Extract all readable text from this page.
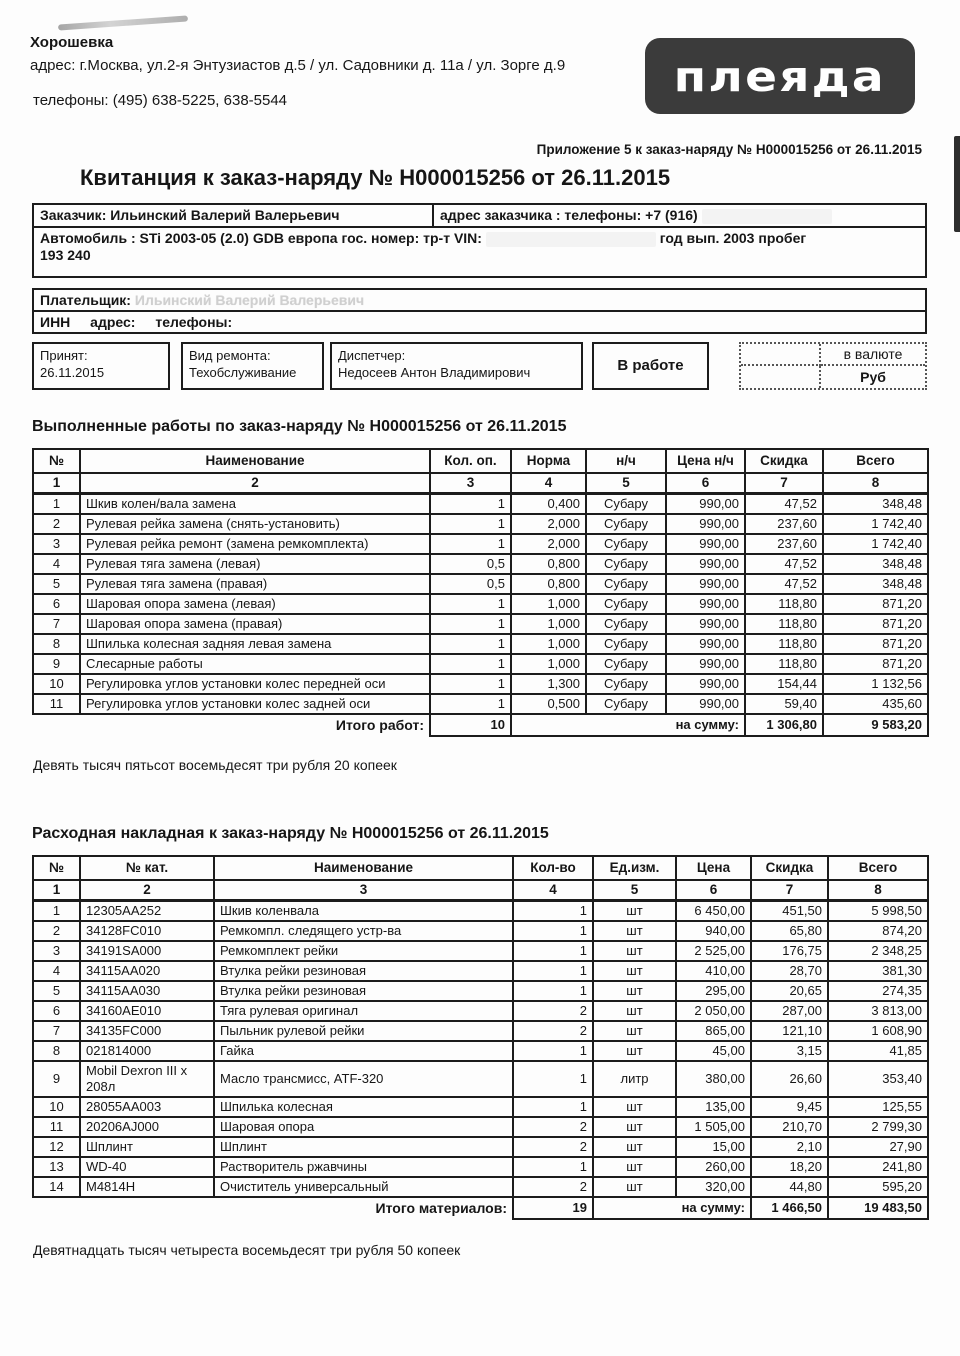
Хорошевка
адрес: г.Москва, ул.2-я Энтузиастов д.5 / ул. Садовники д. 11а / ул. Зорге д.9
телефоны: (495) 638-5225, 638-5544	плеяда
Приложение 5 к заказ-наряду № Н000015256 от 26.11.2015
Квитанция к заказ-наряду № Н000015256 от 26.11.2015
Заказчик: Ильинский Валерий Валерьевич	адрес заказчика : телефоны: +7 (916)
Автомобиль : STi 2003-05 (2.0) GDB европа гос. номер: тр-т VIN:	год вып. 2003 пробег
193 240
Плательщик: Ильинский Валерий Валерьевич
ИНН адрес: телефоны:
Принят:
26.11.2015
Вид ремонта:
Техобслуживание
Диспетчер:
Недосеев Антон Владимирович	В работе
в валюте
Руб
Выполненные работы по заказ-наряду № Н000015256 от 26.11.2015
№	Наименование	Кол. оп.	Норма	н/ч	Цена н/ч	Скидка	Всего
1	2	3	4	5	6	7	8
1	Шкив колен/вала замена	1	0,400	Субару	990,00	47,52	348,48
2	Рулевая рейка замена (снять-установить)	1	2,000	Субару	990,00	237,60	1 742,40
3	Рулевая рейка ремонт (замена ремкомплекта)	1	2,000	Субару	990,00	237,60	1 742,40
4	Рулевая тяга замена (левая)	0,5	0,800	Субару	990,00	47,52	348,48
5	Рулевая тяга замена (правая)	0,5	0,800	Субару	990,00	47,52	348,48
6	Шаровая опора замена (левая)	1	1,000	Субару	990,00	118,80	871,20
7	Шаровая опора замена (правая)	1	1,000	Субару	990,00	118,80	871,20
8	Шпилька колесная задняя левая замена	1	1,000	Субару	990,00	118,80	871,20
9	Слесарные работы	1	1,000	Субару	990,00	118,80	871,20
10	Регулировка углов установки колес передней оси	1	1,300	Субару	990,00	154,44	1 132,56
11	Регулировка углов установки колес задней оси	1	0,500	Субару	990,00	59,40	435,60
Итого работ:		10	на сумму:			1 306,80	9 583,20

Девять тысяч пятьсот восемьдесят три рубля 20 копеек

Расходная накладная к заказ-наряду № Н000015256 от 26.11.2015
№	№ кат.	Наименование	Кол-во	Ед.изм.	Цена	Скидка	Всего
1	2	3	4	5	6	7	8
1	12305AA252	Шкив коленвала	1	шт	6 450,00	451,50	5 998,50
2	34128FC010	Ремкомпл. следящего устр-ва	1	шт	940,00	65,80	874,20
3	34191SA000	Ремкомплект рейки	1	шт	2 525,00	176,75	2 348,25
4	34115AA020	Втулка рейки резиновая	1	шт	410,00	28,70	381,30
5	34115AA030	Втулка рейки резиновая	1	шт	295,00	20,65	274,35
6	34160AE010	Тяга рулевая оригинал	2	шт	2 050,00	287,00	3 813,00
7	34135FC000	Пыльник рулевой рейки	2	шт	865,00	121,10	1 608,90
8	021814000	Гайка	1	шт	45,00	3,15	41,85
9	Mobil Dexron III x 208л	Масло трансмисс, ATF-320	1	литр	380,00	26,60	353,40
10	28055AA003	Шпилька колесная	1	шт	135,00	9,45	125,55
11	20206AJ000	Шаровая опора	2	шт	1 505,00	210,70	2 799,30
12	Шплинт	Шплинт	2	шт	15,00	2,10	27,90
13	WD-40	Растворитель ржавчины	1	шт	260,00	18,20	241,80
14	M4814H	Очиститель универсальный	2	шт	320,00	44,80	595,20
Итого материалов:			19	на сумму:		1 466,50	19 483,50

Девятнадцать тысяч четыреста восемьдесят три рубля 50 копеек
